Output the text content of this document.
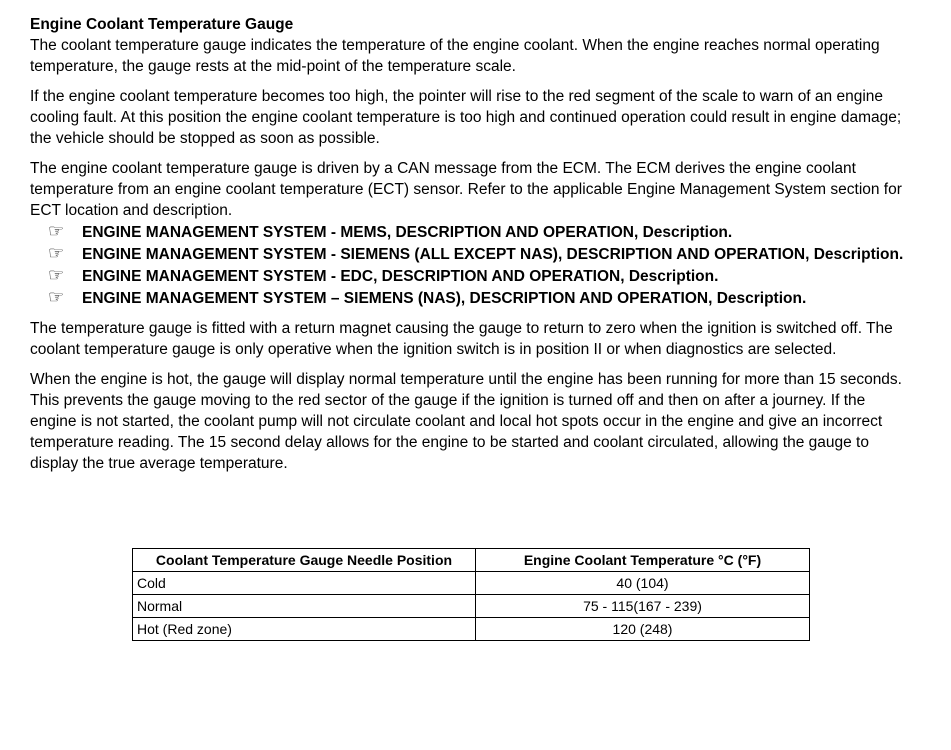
Engine Coolant Temperature Gauge

The coolant temperature gauge indicates the temperature of the engine coolant. When the engine reaches normal operating temperature, the gauge rests at the mid-point of the temperature scale.

If the engine coolant temperature becomes too high, the pointer will rise to the red segment of the scale to warn of an engine cooling fault. At this position the engine coolant temperature is too high and continued operation could result in engine damage; the vehicle should be stopped as soon as possible.

The engine coolant temperature gauge is driven by a CAN message from the ECM. The ECM derives the engine coolant temperature from an engine coolant temperature (ECT) sensor. Refer to the applicable Engine Management System section for ECT location and description.

☞ ENGINE MANAGEMENT SYSTEM - MEMS, DESCRIPTION AND OPERATION, Description.
☞ ENGINE MANAGEMENT SYSTEM - SIEMENS (ALL EXCEPT NAS), DESCRIPTION AND OPERATION, Description.
☞ ENGINE MANAGEMENT SYSTEM - EDC, DESCRIPTION AND OPERATION, Description.
☞ ENGINE MANAGEMENT SYSTEM – SIEMENS (NAS), DESCRIPTION AND OPERATION, Description.

The temperature gauge is fitted with a return magnet causing the gauge to return to zero when the ignition is switched off. The coolant temperature gauge is only operative when the ignition switch is in position II or when diagnostics are selected.

When the engine is hot, the gauge will display normal temperature until the engine has been running for more than 15 seconds. This prevents the gauge moving to the red sector of the gauge if the ignition is turned off and then on after a journey. If the engine is not started, the coolant pump will not circulate coolant and local hot spots occur in the engine and give an incorrect temperature reading. The 15 second delay allows for the engine to be started and coolant circulated, allowing the gauge to display the true average temperature.

Coolant Temperature Gauge Needle Position	Engine Coolant Temperature °C (°F)
Cold	40 (104)
Normal	75 - 115(167 - 239)
Hot (Red zone)	120 (248)
